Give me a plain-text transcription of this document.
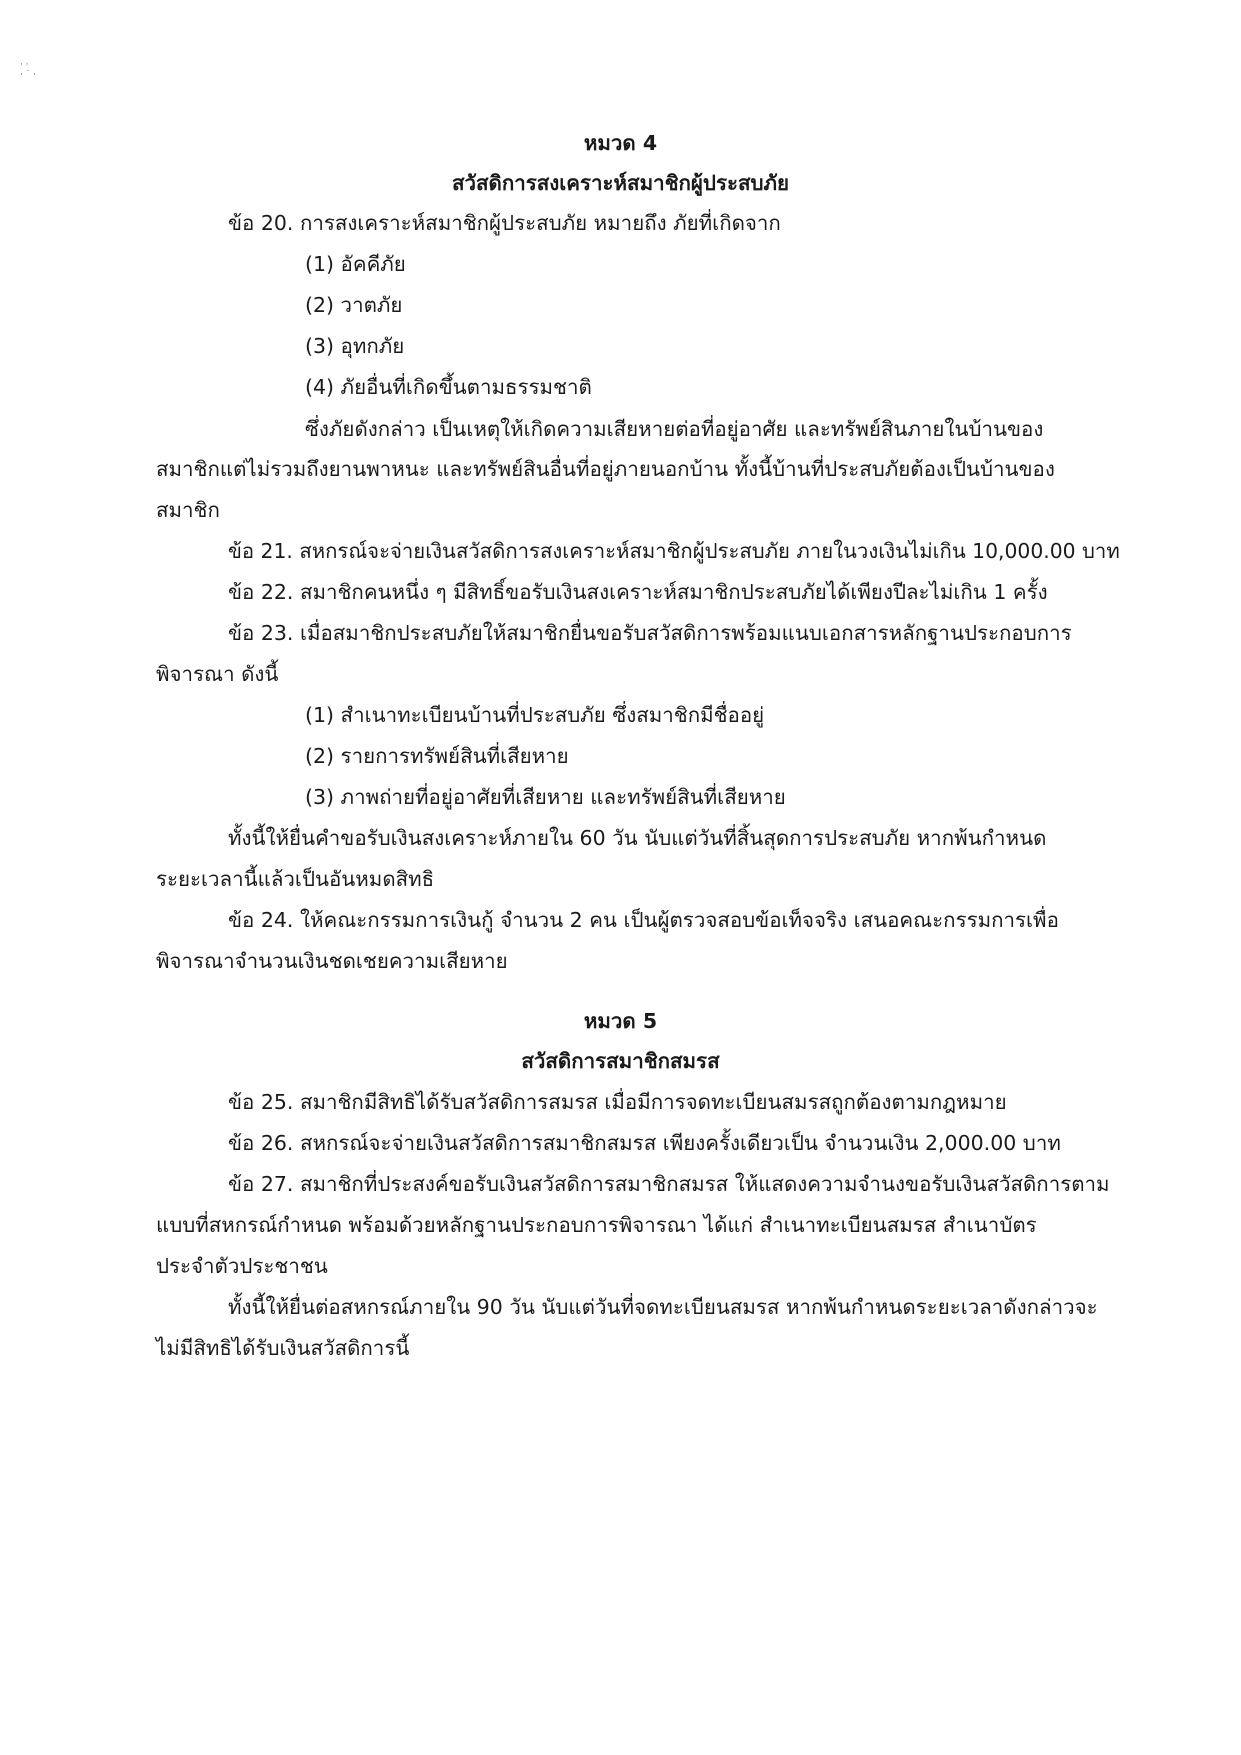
· ·
· ˙ ·
หมวด 4
สวัสดิการสงเคราะห์สมาชิกผู้ประสบภัย
ข้อ 20. การสงเคราะห์สมาชิกผู้ประสบภัย หมายถึง ภัยที่เกิดจาก
(1) อัคคีภัย
(2) วาตภัย
(3) อุทกภัย
(4) ภัยอื่นที่เกิดขึ้นตามธรรมชาติ
ซึ่งภัยดังกล่าว เป็นเหตุให้เกิดความเสียหายต่อที่อยู่อาศัย และทรัพย์สินภายในบ้านของ
สมาชิกแต่ไม่รวมถึงยานพาหนะ และทรัพย์สินอื่นที่อยู่ภายนอกบ้าน ทั้งนี้บ้านที่ประสบภัยต้องเป็นบ้านของ
สมาชิก
ข้อ 21. สหกรณ์จะจ่ายเงินสวัสดิการสงเคราะห์สมาชิกผู้ประสบภัย ภายในวงเงินไม่เกิน 10,000.00 บาท
ข้อ 22. สมาชิกคนหนึ่ง ๆ มีสิทธิ์ขอรับเงินสงเคราะห์สมาชิกประสบภัยได้เพียงปีละไม่เกิน 1 ครั้ง
ข้อ 23. เมื่อสมาชิกประสบภัยให้สมาชิกยื่นขอรับสวัสดิการพร้อมแนบเอกสารหลักฐานประกอบการ
พิจารณา ดังนี้
(1) สำเนาทะเบียนบ้านที่ประสบภัย ซึ่งสมาชิกมีชื่ออยู่
(2) รายการทรัพย์สินที่เสียหาย
(3) ภาพถ่ายที่อยู่อาศัยที่เสียหาย และทรัพย์สินที่เสียหาย
ทั้งนี้ให้ยื่นคำขอรับเงินสงเคราะห์ภายใน 60 วัน นับแต่วันที่สิ้นสุดการประสบภัย หากพ้นกำหนด
ระยะเวลานี้แล้วเป็นอันหมดสิทธิ
ข้อ 24. ให้คณะกรรมการเงินกู้ จำนวน 2 คน เป็นผู้ตรวจสอบข้อเท็จจริง เสนอคณะกรรมการเพื่อ
พิจารณาจำนวนเงินชดเชยความเสียหาย
หมวด 5
สวัสดิการสมาชิกสมรส
ข้อ 25. สมาชิกมีสิทธิได้รับสวัสดิการสมรส เมื่อมีการจดทะเบียนสมรสถูกต้องตามกฎหมาย
ข้อ 26. สหกรณ์จะจ่ายเงินสวัสดิการสมาชิกสมรส เพียงครั้งเดียวเป็น จำนวนเงิน 2,000.00 บาท
ข้อ 27. สมาชิกที่ประสงค์ขอรับเงินสวัสดิการสมาชิกสมรส ให้แสดงความจำนงขอรับเงินสวัสดิการตาม
แบบที่สหกรณ์กำหนด พร้อมด้วยหลักฐานประกอบการพิจารณา ได้แก่ สำเนาทะเบียนสมรส สำเนาบัตร
ประจำตัวประชาชน
ทั้งนี้ให้ยื่นต่อสหกรณ์ภายใน 90 วัน นับแต่วันที่จดทะเบียนสมรส หากพ้นกำหนดระยะเวลาดังกล่าวจะ
ไม่มีสิทธิได้รับเงินสวัสดิการนี้
